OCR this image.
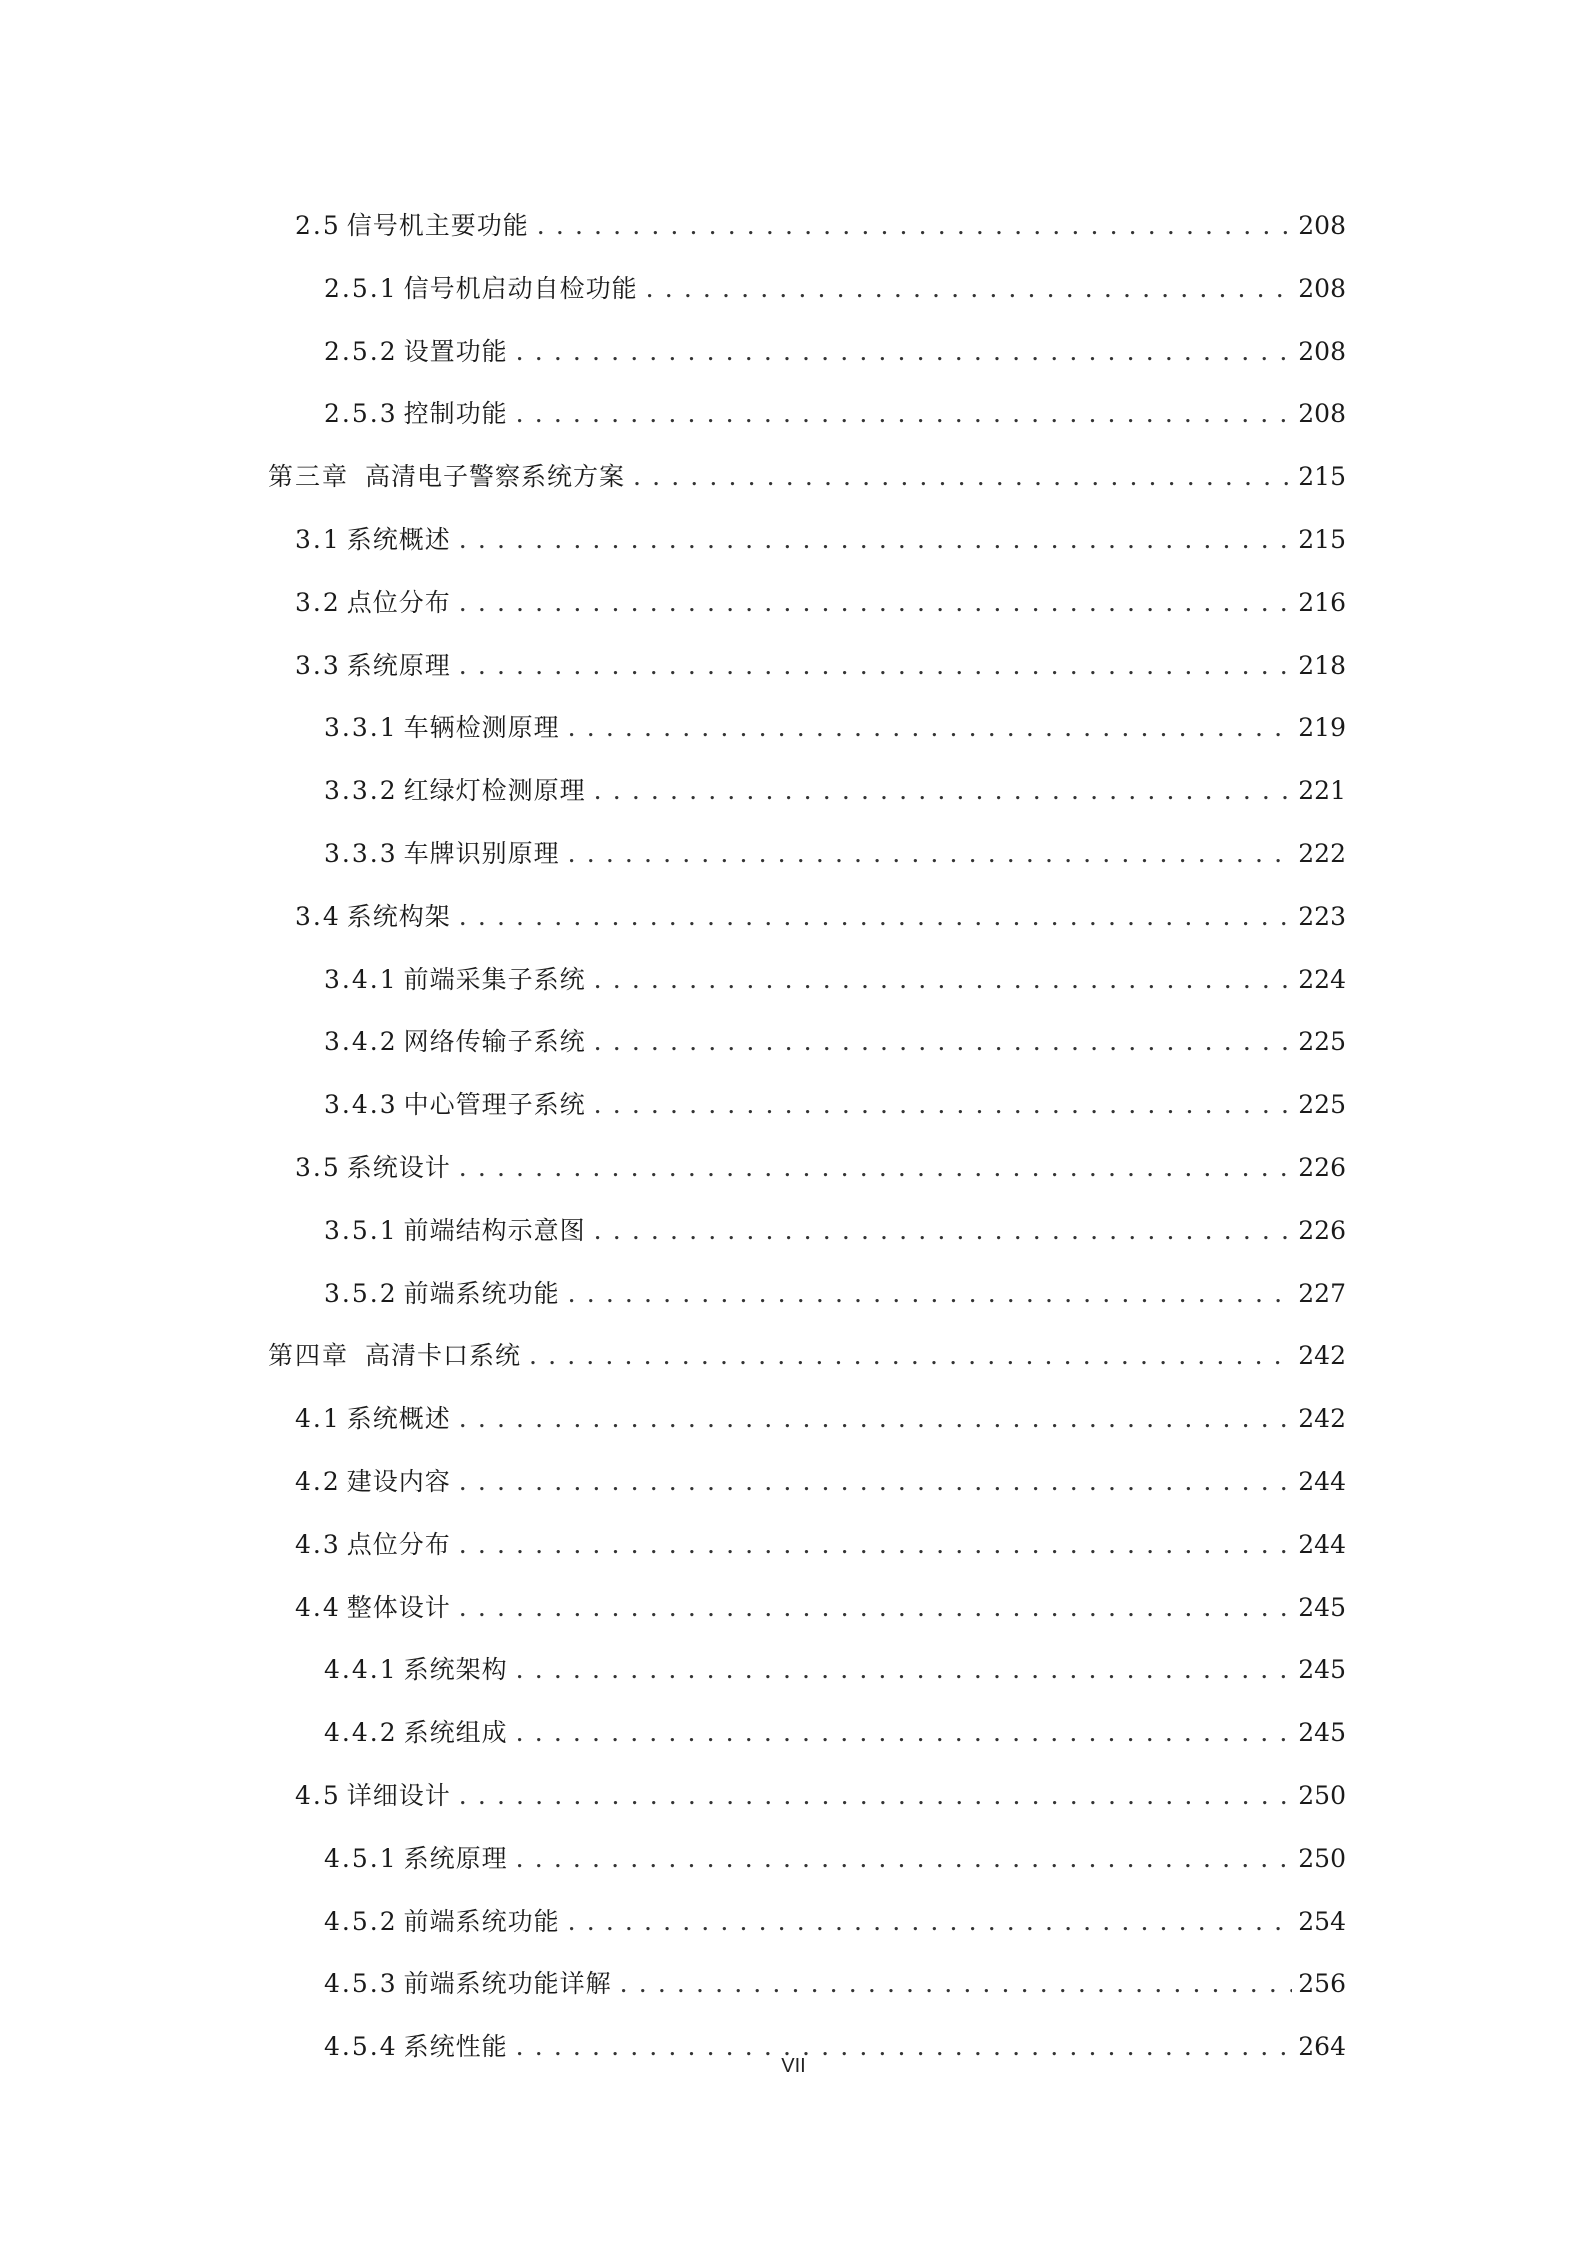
2.5 信号机主要功能 . . .	208
2.5.1 信号机启动自检功能 . . .	208
2.5.2 设置功能 . . .	208
2.5.3 控制功能 . . .	208
第三章 高清电子警察系统方案 . . .	215
3.1 系统概述 . . .	215
3.2 点位分布 . . .	216
3.3 系统原理 . . .	218
3.3.1 车辆检测原理 . . .	219
3.3.2 红绿灯检测原理 . . .	221
3.3.3 车牌识别原理 . . .	222
3.4 系统构架 . . .	223
3.4.1 前端采集子系统 . . .	224
3.4.2 网络传输子系统 . . .	225
3.4.3 中心管理子系统 . . .	225
3.5 系统设计 . . .	226
3.5.1 前端结构示意图 . . .	226
3.5.2 前端系统功能 . . .	227
第四章 高清卡口系统 . . .	242
4.1 系统概述 . . .	242
4.2 建设内容 . . .	244
4.3 点位分布 . . .	244
4.4 整体设计 . . .	245
4.4.1 系统架构 . . .	245
4.4.2 系统组成 . . .	245
4.5 详细设计 . . .	250
4.5.1 系统原理 . . .	250
4.5.2 前端系统功能 . . .	254
4.5.3 前端系统功能详解 . . .	256
4.5.4 系统性能 . . .	264
VII
